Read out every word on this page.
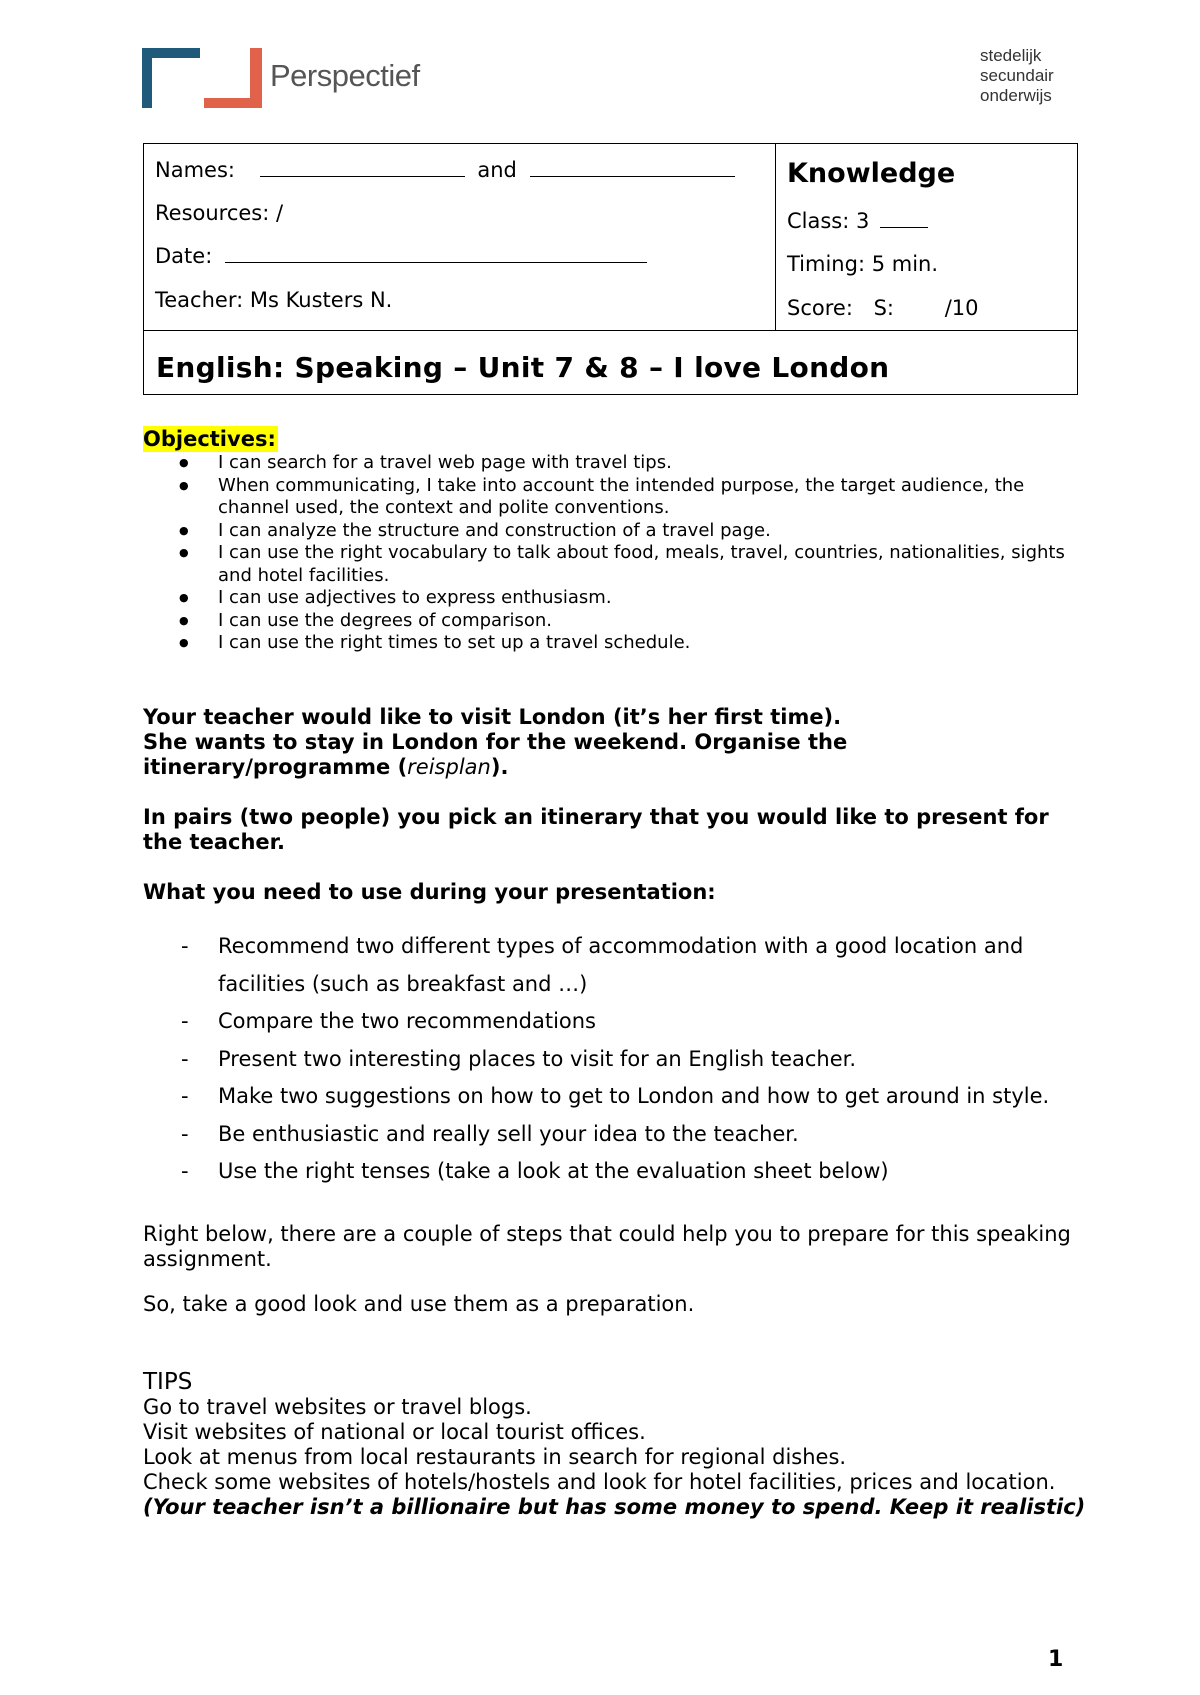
Perspectief
stedelijk
secundair
onderwijs
Names:	and
Resources: /
Date:
Teacher: Ms Kusters N.
Knowledge
Class: 3
Timing: 5 min.
Score: S: /10
English: Speaking – Unit 7 & 8 – I love London
Objectives:
● I can search for a travel web page with travel tips.
● When communicating, I take into account the intended purpose, the target audience, the channel used, the context and polite conventions.
● I can analyze the structure and construction of a travel page.
● I can use the right vocabulary to talk about food, meals, travel, countries, nationalities, sights and hotel facilities.
● I can use adjectives to express enthusiasm.
● I can use the degrees of comparison.
● I can use the right times to set up a travel schedule.
Your teacher would like to visit London (it’s her first time).
She wants to stay in London for the weekend. Organise the
itinerary/programme (reisplan).
In pairs (two people) you pick an itinerary that you would like to present for the teacher.
What you need to use during your presentation:
- Recommend two different types of accommodation with a good location and facilities (such as breakfast and …)
- Compare the two recommendations
- Present two interesting places to visit for an English teacher.
- Make two suggestions on how to get to London and how to get around in style.
- Be enthusiastic and really sell your idea to the teacher.
- Use the right tenses (take a look at the evaluation sheet below)
Right below, there are a couple of steps that could help you to prepare for this speaking assignment.
So, take a good look and use them as a preparation.
TIPS
Go to travel websites or travel blogs.
Visit websites of national or local tourist offices.
Look at menus from local restaurants in search for regional dishes.
Check some websites of hotels/hostels and look for hotel facilities, prices and location.
(Your teacher isn’t a billionaire but has some money to spend. Keep it realistic)
1
